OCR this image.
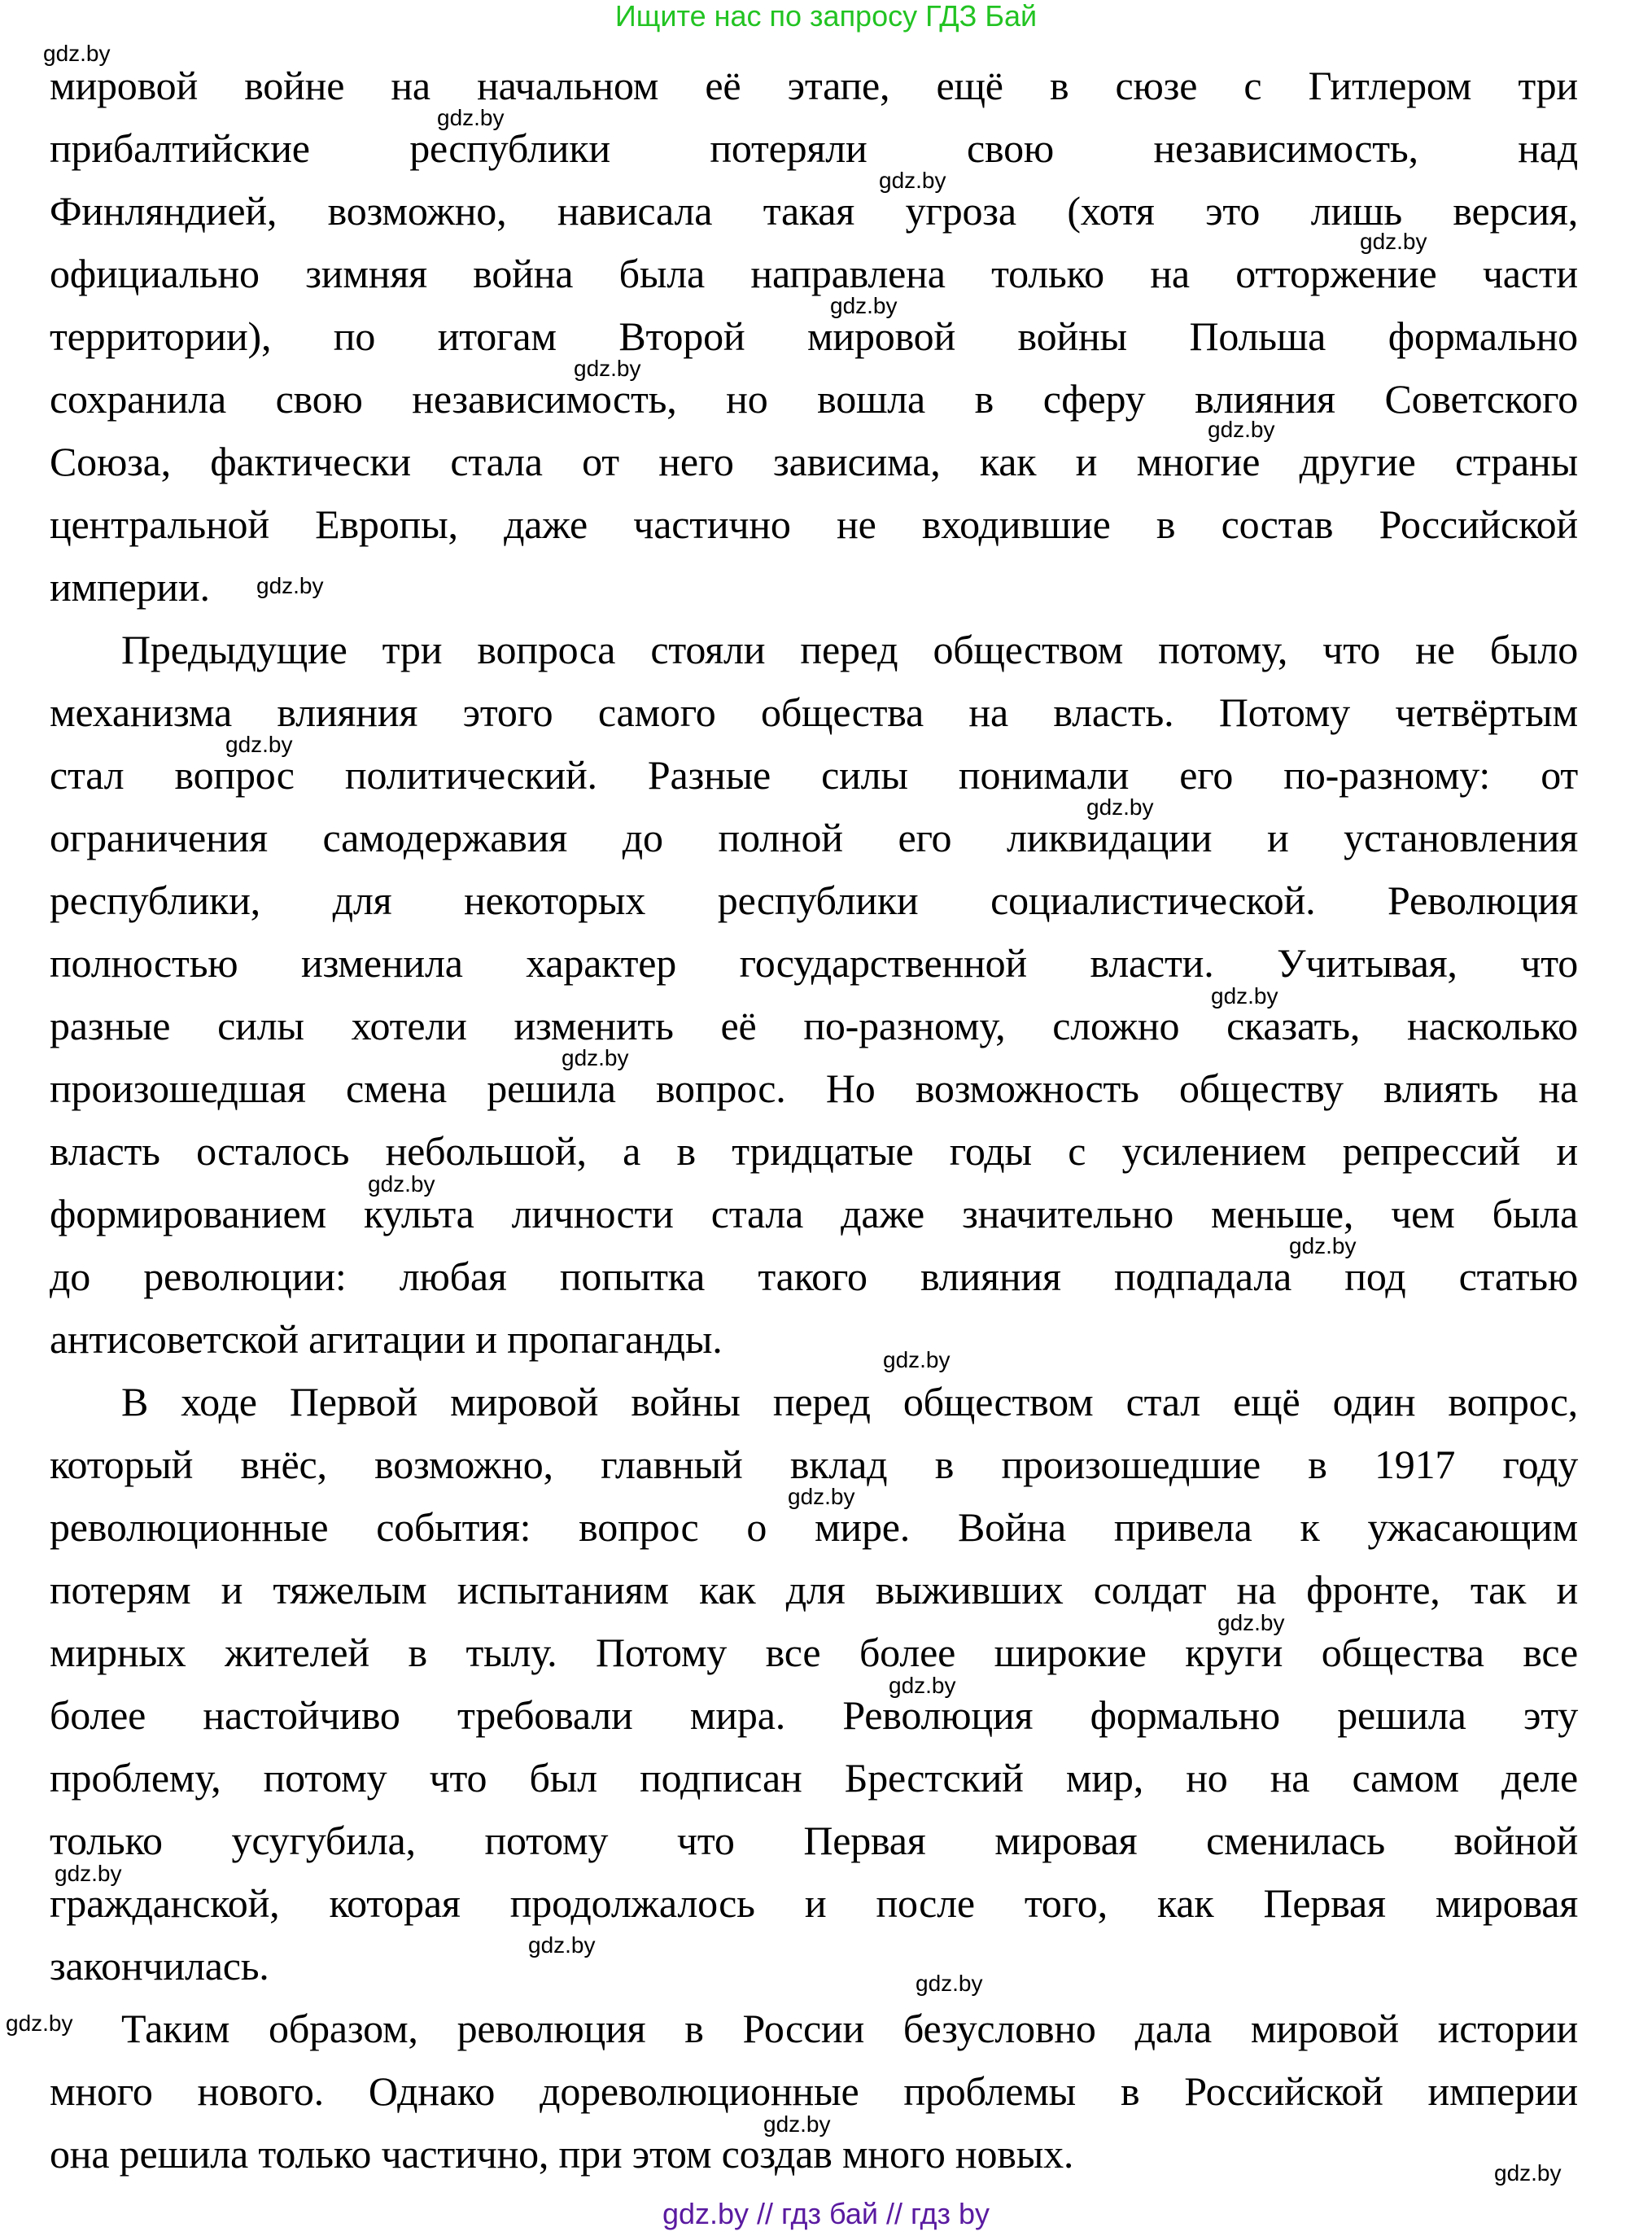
Ищите нас по запросу ГДЗ Бай
мировой войне на начальном её этапе, ещё в сюзе с Гитлером три
прибалтийские республики потеряли свою независимость, над
Финляндией, возможно, нависала такая угроза (хотя это лишь версия,
официально зимняя война была направлена только на отторжение части
территории), по итогам Второй мировой войны Польша формально
сохранила свою независимость, но вошла в сферу влияния Советского
Союза, фактически стала от него зависима, как и многие другие страны
центральной Европы, даже частично не входившие в состав Российской
империи.
Предыдущие три вопроса стояли перед обществом потому, что не было
механизма влияния этого самого общества на власть. Потому четвёртым
стал вопрос политический. Разные силы понимали его по-разному: от
ограничения самодержавия до полной его ликвидации и установления
республики, для некоторых республики социалистической. Революция
полностью изменила характер государственной власти. Учитывая, что
разные силы хотели изменить её по-разному, сложно сказать, насколько
произошедшая смена решила вопрос. Но возможность обществу влиять на
власть осталось небольшой, а в тридцатые годы с усилением репрессий и
формированием культа личности стала даже значительно меньше, чем была
до революции: любая попытка такого влияния подпадала под статью
антисоветской агитации и пропаганды.
В ходе Первой мировой войны перед обществом стал ещё один вопрос,
который внёс, возможно, главный вклад в произошедшие в 1917 году
революционные события: вопрос о мире. Война привела к ужасающим
потерям и тяжелым испытаниям как для выживших солдат на фронте, так и
мирных жителей в тылу. Потому все более широкие круги общества все
более настойчиво требовали мира. Революция формально решила эту
проблему, потому что был подписан Брестский мир, но на самом деле
только усугубила, потому что Первая мировая сменилась войной
гражданской, которая продолжалось и после того, как Первая мировая
закончилась.
Таким образом, революция в России безусловно дала мировой истории
много нового. Однако дореволюционные проблемы в Российской империи
она решила только частично, при этом создав много новых.
gdz.by
gdz.by
gdz.by
gdz.by
gdz.by
gdz.by
gdz.by
gdz.by
gdz.by
gdz.by
gdz.by
gdz.by
gdz.by
gdz.by
gdz.by
gdz.by
gdz.by
gdz.by
gdz.by
gdz.by
gdz.by
gdz.by
gdz.by
gdz.by
gdz.by // гдз бай // гдз by
